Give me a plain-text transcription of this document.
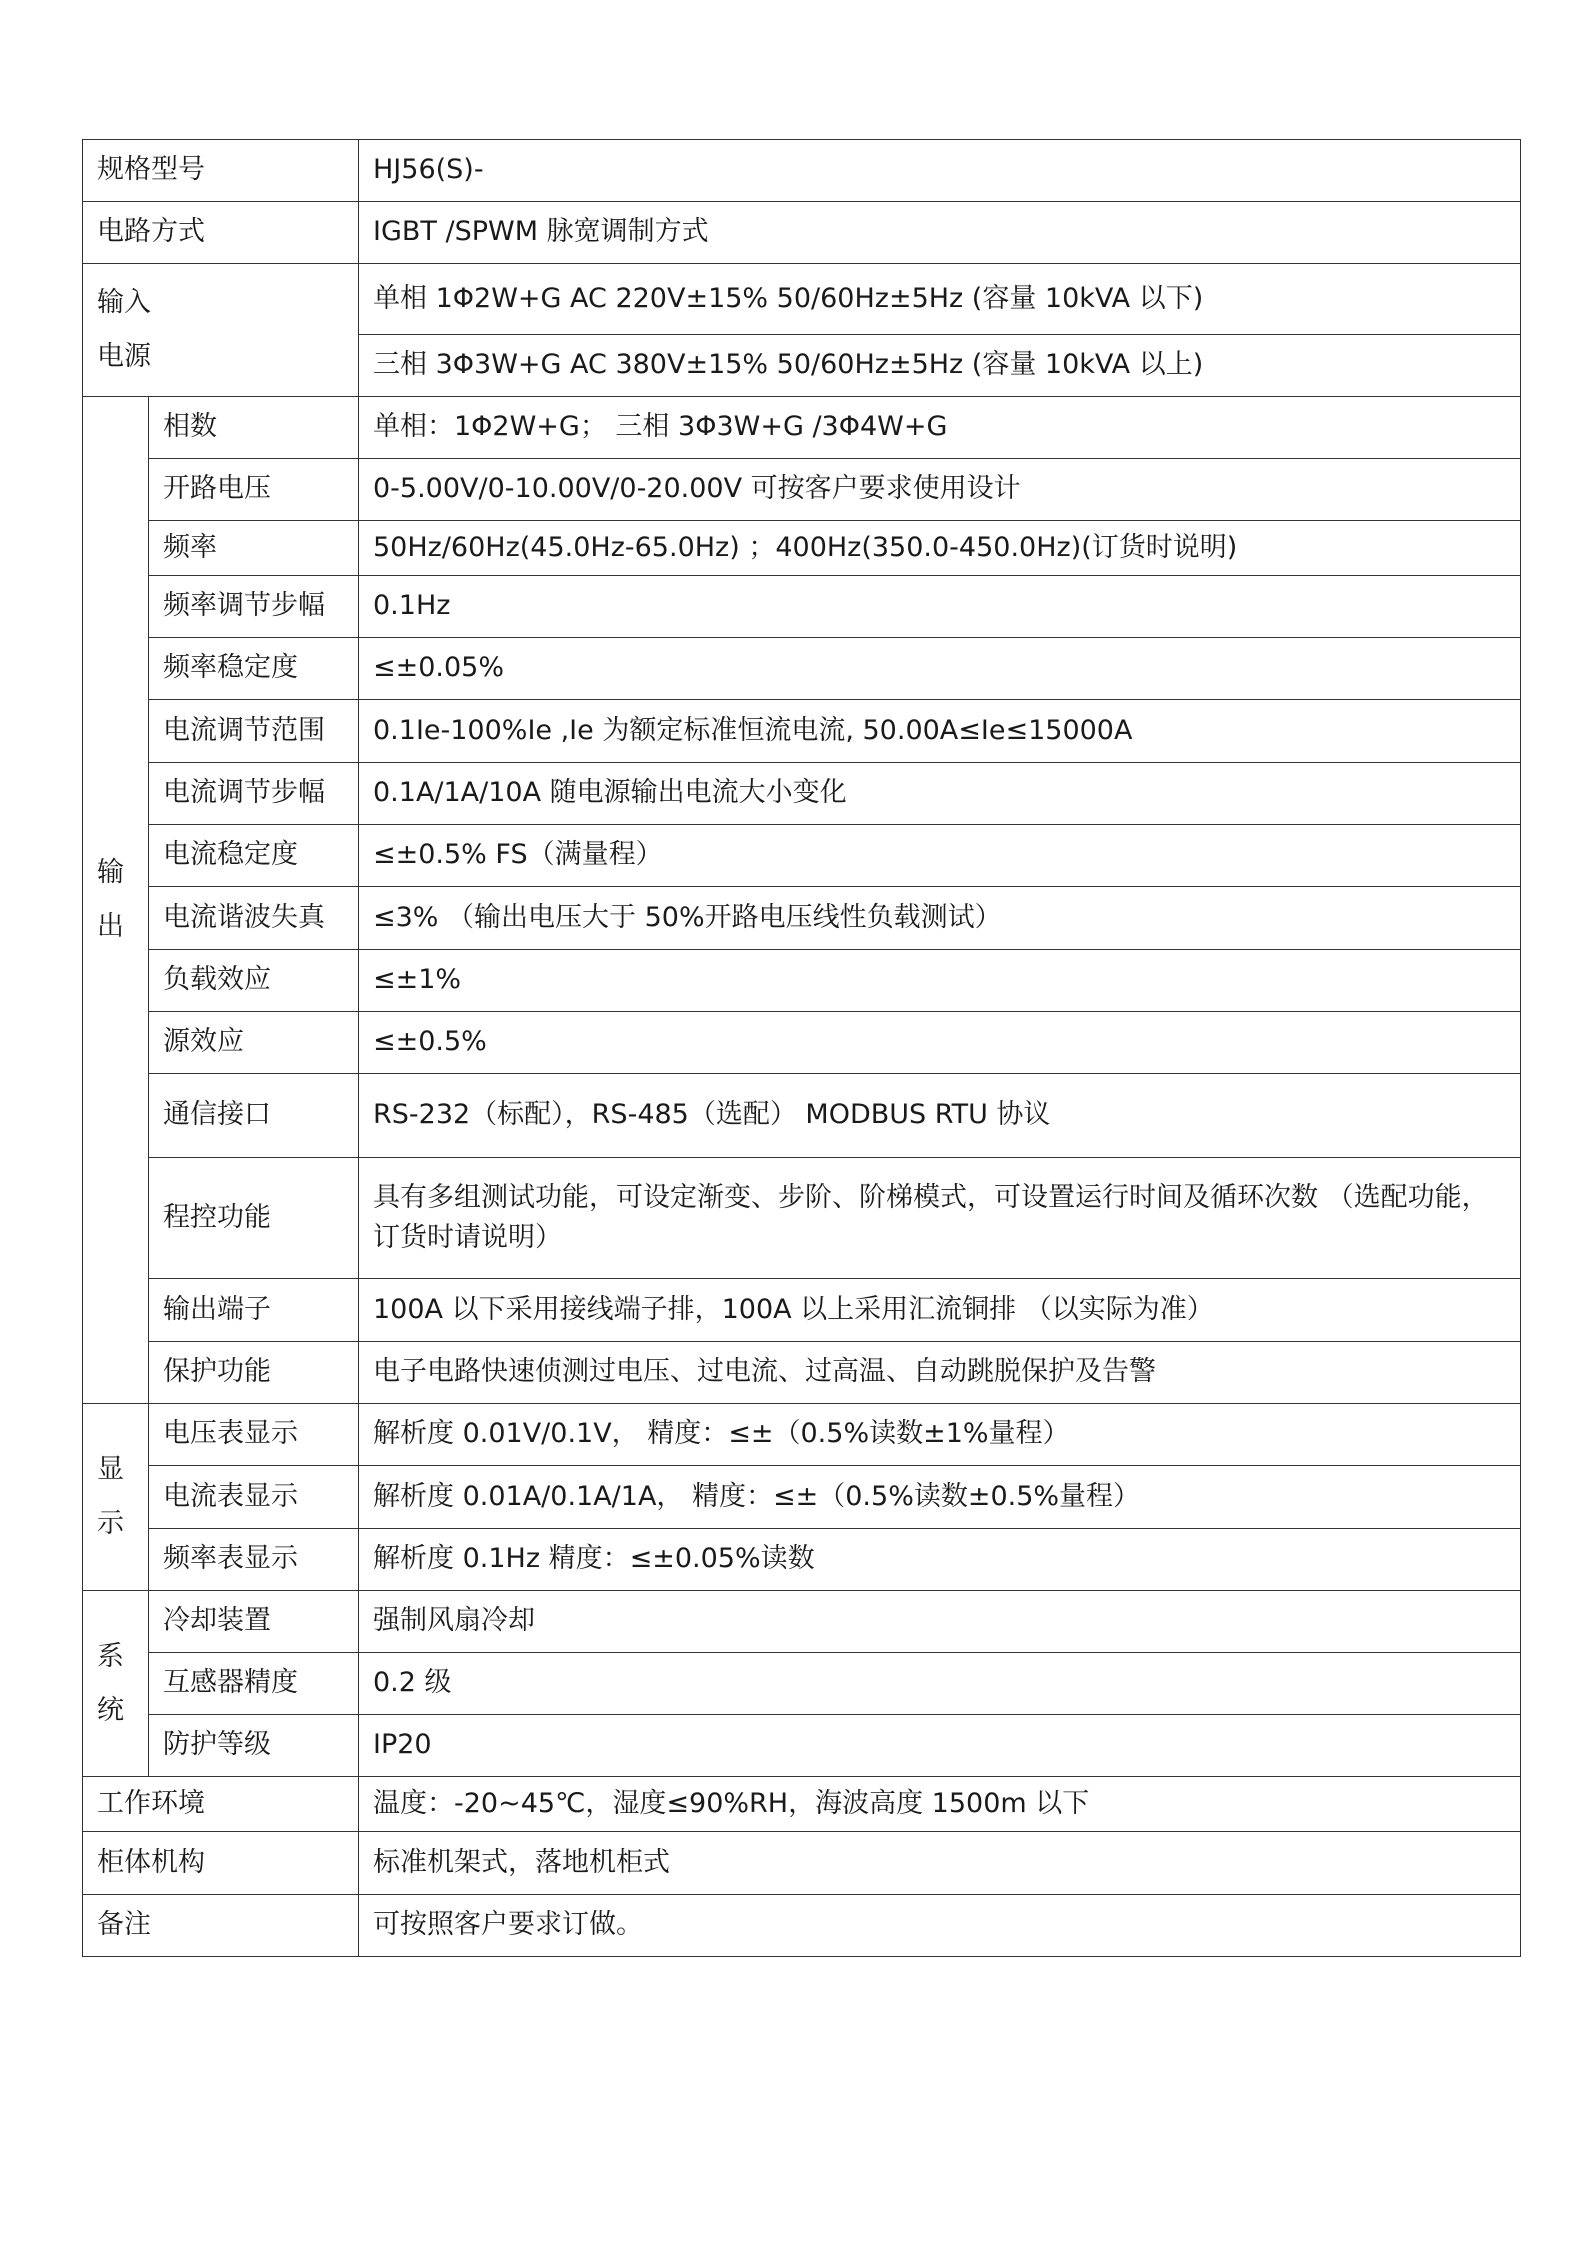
规格型号		HJ56(S)-
电路方式		IGBT /SPWM 脉宽调制方式

输入
电源		单相 1Φ2W+G AC 220V±15% 50/60Hz±5Hz (容量 10kVA 以下)
		三相 3Φ3W+G AC 380V±15% 50/60Hz±5Hz (容量 10kVA 以上)

输
出	相数	单相：1Φ2W+G； 三相 3Φ3W+G /3Φ4W+G
	开路电压	0-5.00V/0-10.00V/0-20.00V 可按客户要求使用设计
	频率	50Hz/60Hz(45.0Hz-65.0Hz) ；400Hz(350.0-450.0Hz)(订货时说明)
	频率调节步幅	0.1Hz
	频率稳定度	≤±0.05%
	电流调节范围	0.1Ie-100%Ie ,Ie 为额定标准恒流电流, 50.00A≤Ie≤15000A
	电流调节步幅	0.1A/1A/10A 随电源输出电流大小变化
	电流稳定度	≤±0.5% FS（满量程）
	电流谐波失真	≤3% （输出电压大于 50%开路电压线性负载测试）
	负载效应	≤±1%
	源效应	≤±0.5%
	通信接口	RS-232（标配），RS-485（选配） MODBUS RTU 协议
	程控功能	具有多组测试功能，可设定渐变、步阶、阶梯模式，可设置运行时间及循环次数 （选配功能，订货时请说明）
	输出端子	100A 以下采用接线端子排，100A 以上采用汇流铜排 （以实际为准）
	保护功能	电子电路快速侦测过电压、过电流、过高温、自动跳脱保护及告警

显
示	电压表显示	解析度 0.01V/0.1V， 精度：≤±（0.5%读数±1%量程）
	电流表显示	解析度 0.01A/0.1A/1A， 精度：≤±（0.5%读数±0.5%量程）
	频率表显示	解析度 0.1Hz 精度：≤±0.05%读数

系
统	冷却装置	强制风扇冷却
	互感器精度	0.2 级
	防护等级	IP20
工作环境		温度：-20~45℃，湿度≤90%RH，海波高度 1500m 以下
柜体机构		标准机架式，落地机柜式
备注		可按照客户要求订做。
